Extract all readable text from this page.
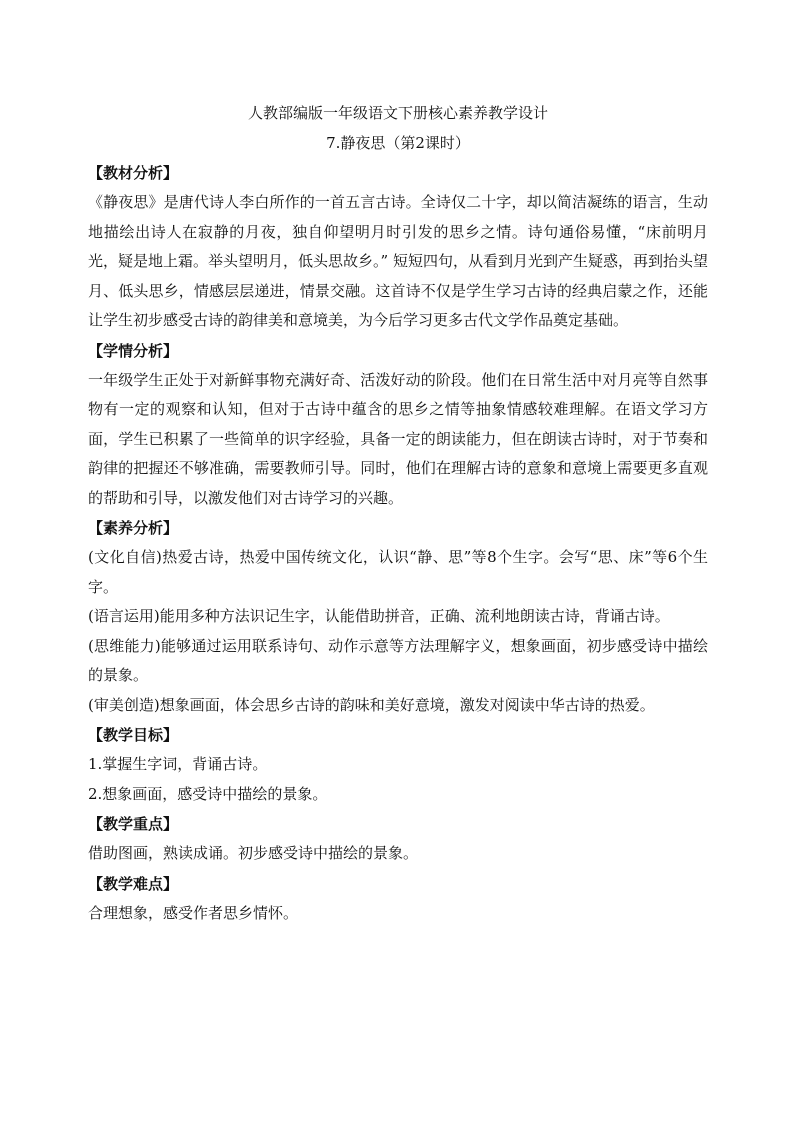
人教部编版一年级语文下册核心素养教学设计

7.静夜思（第2课时）

【教材分析】

《静夜思》是唐代诗人李白所作的一首五言古诗。全诗仅二十字，却以简洁凝练的语言，生动地描绘出诗人在寂静的月夜，独自仰望明月时引发的思乡之情。诗句通俗易懂，“床前明月光，疑是地上霜。举头望明月，低头思故乡。” 短短四句，从看到月光到产生疑惑，再到抬头望月、低头思乡，情感层层递进，情景交融。这首诗不仅是学生学习古诗的经典启蒙之作，还能让学生初步感受古诗的韵律美和意境美，为今后学习更多古代文学作品奠定基础。

【学情分析】

一年级学生正处于对新鲜事物充满好奇、活泼好动的阶段。他们在日常生活中对月亮等自然事物有一定的观察和认知，但对于古诗中蕴含的思乡之情等抽象情感较难理解。在语文学习方面，学生已积累了一些简单的识字经验，具备一定的朗读能力，但在朗读古诗时，对于节奏和韵律的把握还不够准确，需要教师引导。同时，他们在理解古诗的意象和意境上需要更多直观的帮助和引导，以激发他们对古诗学习的兴趣。

【素养分析】

(文化自信)热爱古诗，热爱中国传统文化，认识“静、思”等8个生字。会写“思、床”等6个生字。

(语言运用)能用多种方法识记生字，认能借助拼音，正确、流利地朗读古诗，背诵古诗。

(思维能力)能够通过运用联系诗句、动作示意等方法理解字义，想象画面，初步感受诗中描绘的景象。

(审美创造)想象画面，体会思乡古诗的韵味和美好意境，激发对阅读中华古诗的热爱。

【教学目标】

1.掌握生字词，背诵古诗。

2.想象画面，感受诗中描绘的景象。

【教学重点】

借助图画，熟读成诵。初步感受诗中描绘的景象。

【教学难点】

合理想象，感受作者思乡情怀。
